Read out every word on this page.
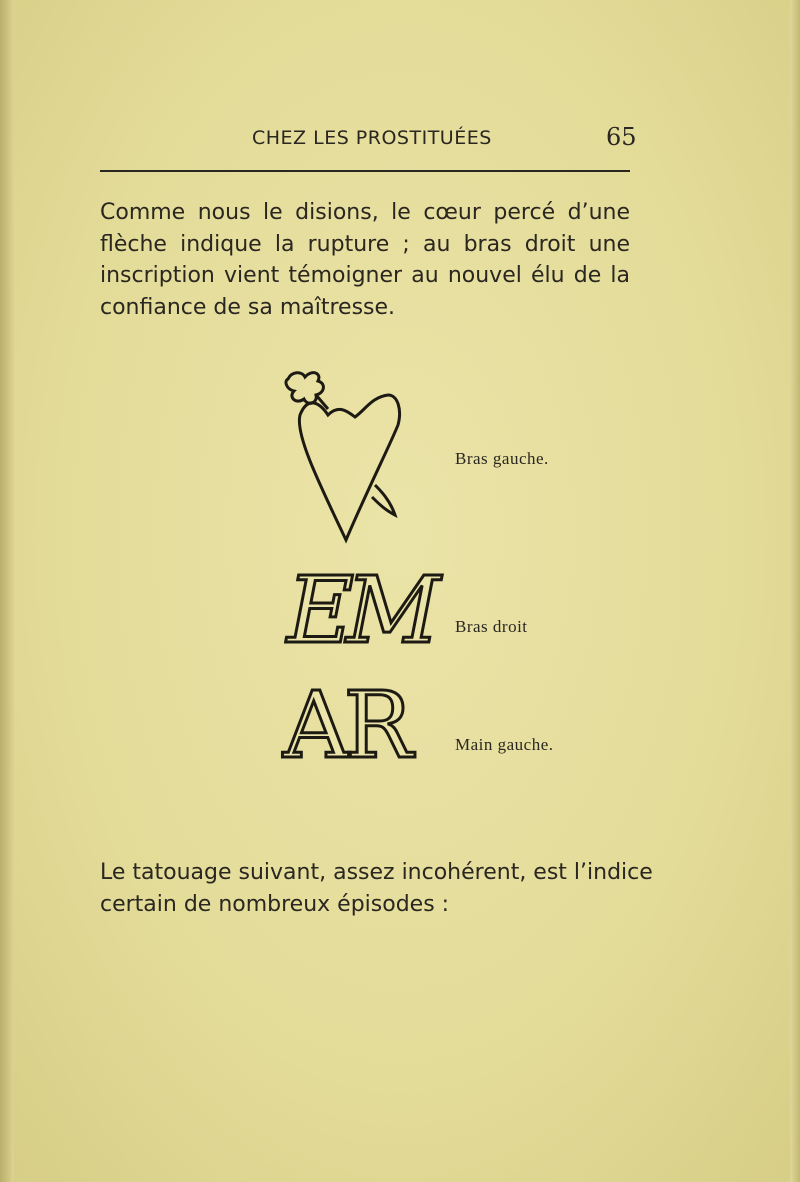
CHEZ LES PROSTITUÉES	65
Comme nous le disions, le cœur percé d’une
flèche indique la rupture ; au bras droit une
inscription vient témoigner au nouvel élu de la
confiance de sa maîtresse.
EM
AR
Bras gauche.
Bras droit
Main gauche.
Le tatouage suivant, assez incohérent, est l’indice
certain de nombreux épisodes :
